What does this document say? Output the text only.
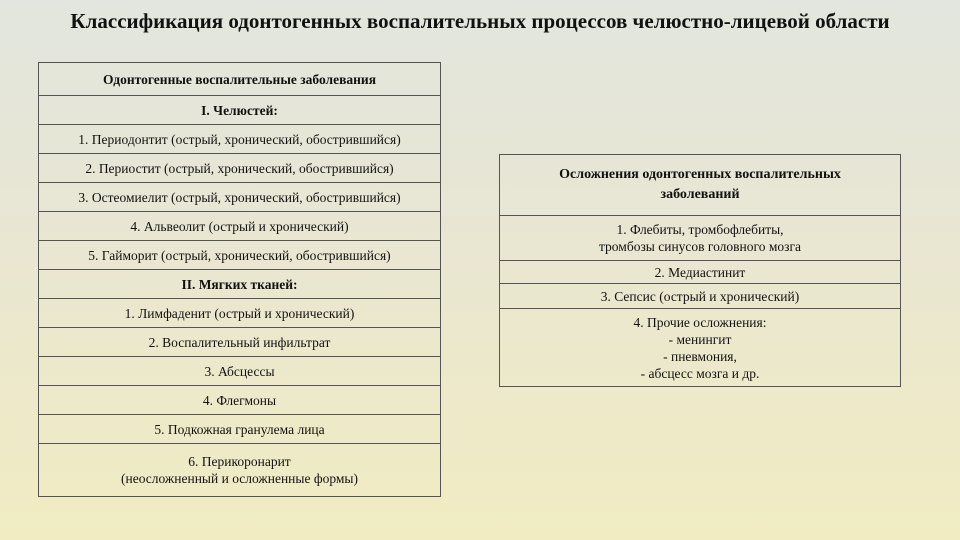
Классификация одонтогенных воспалительных процессов челюстно-лицевой области
Одонтогенные воспалительные заболевания
I. Челюстей:
1. Периодонтит (острый, хронический, обострившийся)
2. Периостит (острый, хронический, обострившийся)
3. Остеомиелит (острый, хронический, обострившийся)
4. Альвеолит (острый и хронический)
5. Гайморит (острый, хронический, обострившийся)
II. Мягких тканей:
1. Лимфаденит (острый и хронический)
2. Воспалительный инфильтрат
3. Абсцессы
4. Флегмоны
5. Подкожная гранулема лица

6. Перикоронарит
(неосложненный и осложненные формы)
Осложнения одонтогенных воспалительных
заболеваний

1. Флебиты, тромбофлебиты,
тромбозы синусов головного мозга

2. Медиастинит
3. Сепсис (острый и хронический)

4. Прочие осложнения:
- менингит
- пневмония,
- абсцесс мозга и др.
